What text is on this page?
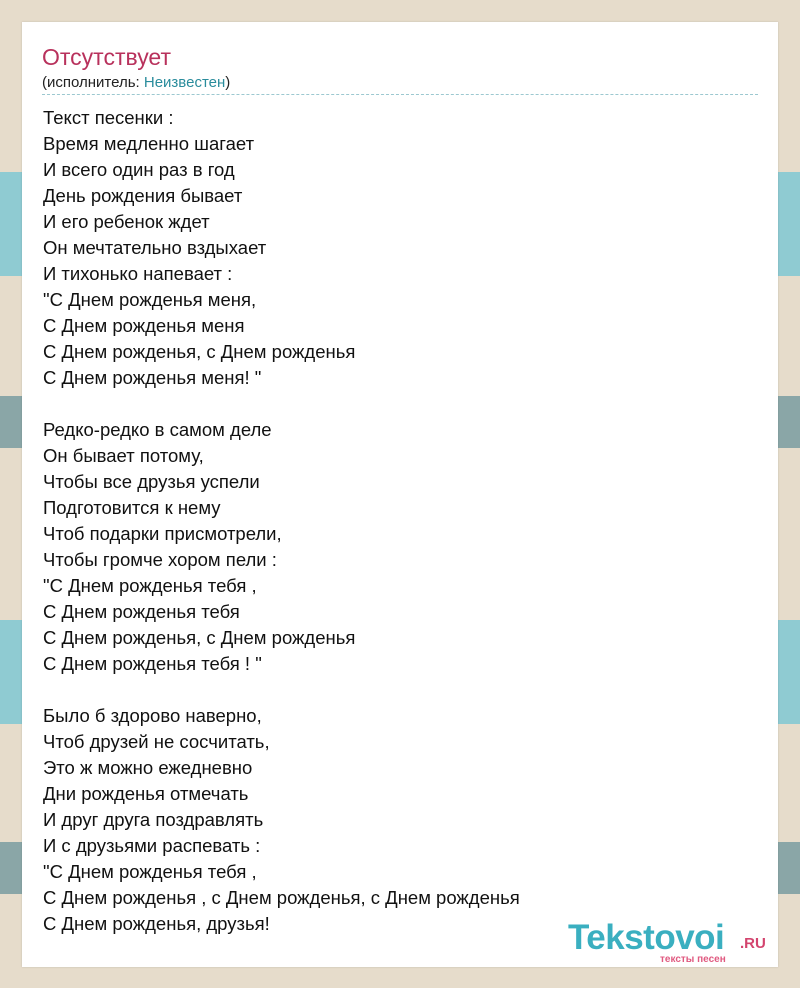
Отсутствует
(исполнитель: Неизвестен)
Текст песенки :
Время медленно шагает
И всего один раз в год
День рождения бывает
И его ребенок ждет
Он мечтательно вздыхает
И тихонько напевает :
"С Днем рожденья меня,
С Днем рожденья меня
С Днем рожденья, с Днем рожденья
С Днем рожденья меня! "

Редко-редко в самом деле
Он бывает потому,
Чтобы все друзья успели
Подготовится к нему
Чтоб подарки присмотрели,
Чтобы громче хором пели :
"С Днем рожденья тебя ,
С Днем рожденья тебя
С Днем рожденья, с Днем рожденья
С Днем рожденья тебя ! "

Было б здорово наверно,
Чтоб друзей не сосчитать,
Это ж можно ежедневно
Дни рожденья отмечать
И друг друга поздравлять
И с друзьями распевать :
"С Днем рожденья тебя ,
С Днем рожденья , с Днем рожденья, с Днем рожденья
С Днем рожденья, друзья!	Tekstovoi .RU
тексты песен
